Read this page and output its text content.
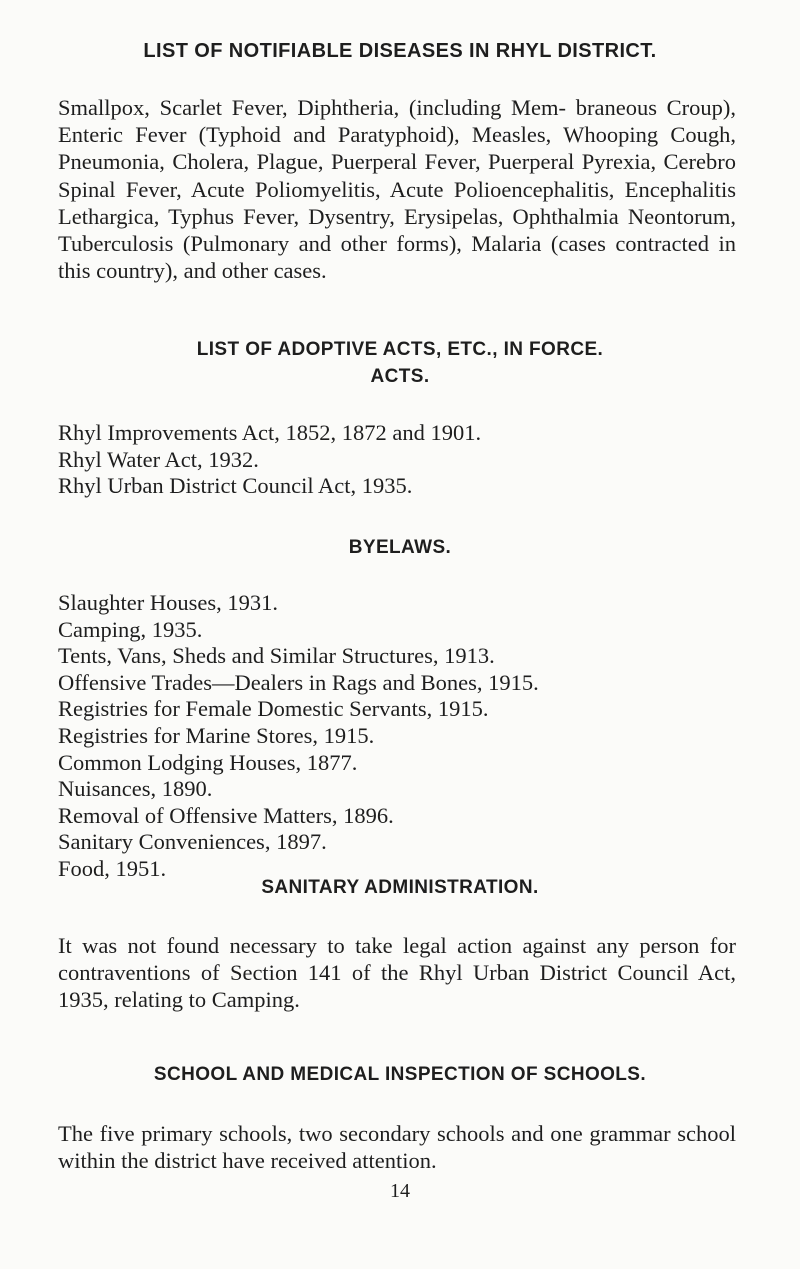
LIST OF NOTIFIABLE DISEASES IN RHYL DISTRICT.

Smallpox, Scarlet Fever, Diphtheria, (including Mem- braneous Croup), Enteric Fever (Typhoid and Paratyphoid), Measles, Whooping Cough, Pneumonia, Cholera, Plague, Puerperal Fever, Puerperal Pyrexia, Cerebro Spinal Fever, Acute Poliomyelitis, Acute Polioencephalitis, Encephalitis Lethargica, Typhus Fever, Dysentry, Erysipelas, Ophthalmia Neontorum, Tuberculosis (Pulmonary and other forms), Malaria (cases contracted in this country), and other cases.

LIST OF ADOPTIVE ACTS, ETC., IN FORCE.
ACTS.
Rhyl Improvements Act, 1852, 1872 and 1901.
Rhyl Water Act, 1932.
Rhyl Urban District Council Act, 1935.
BYELAWS.
Slaughter Houses, 1931.
Camping, 1935.
Tents, Vans, Sheds and Similar Structures, 1913.
Offensive Trades—Dealers in Rags and Bones, 1915.
Registries for Female Domestic Servants, 1915.
Registries for Marine Stores, 1915.
Common Lodging Houses, 1877.
Nuisances, 1890.
Removal of Offensive Matters, 1896.
Sanitary Conveniences, 1897.
Food, 1951.
SANITARY ADMINISTRATION.

It was not found necessary to take legal action against any person for contraventions of Section 141 of the Rhyl Urban District Council Act, 1935, relating to Camping.

SCHOOL AND MEDICAL INSPECTION OF SCHOOLS.

The five primary schools, two secondary schools and one grammar school within the district have received attention.

14
